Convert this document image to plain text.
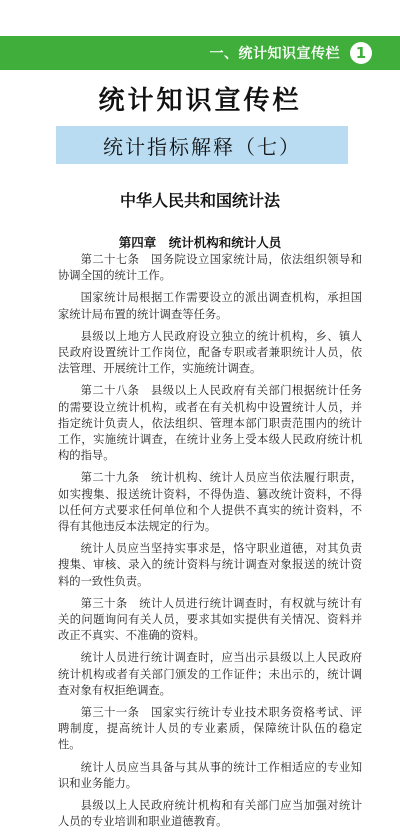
一、统计知识宣传栏	1
统计知识宣传栏
统计指标解释（七）
中华人民共和国统计法
第四章　统计机构和统计人员

第二十七条　国务院设立国家统计局，依法组织领导和协调全国的统计工作。

国家统计局根据工作需要设立的派出调查机构，承担国家统计局布置的统计调查等任务。

县级以上地方人民政府设立独立的统计机构，乡、镇人民政府设置统计工作岗位，配备专职或者兼职统计人员，依法管理、开展统计工作，实施统计调查。

第二十八条　县级以上人民政府有关部门根据统计任务的需要设立统计机构，或者在有关机构中设置统计人员，并指定统计负责人，依法组织、管理本部门职责范围内的统计工作，实施统计调查，在统计业务上受本级人民政府统计机构的指导。

第二十九条　统计机构、统计人员应当依法履行职责，如实搜集、报送统计资料，不得伪造、篡改统计资料，不得以任何方式要求任何单位和个人提供不真实的统计资料，不得有其他违反本法规定的行为。

统计人员应当坚持实事求是，恪守职业道德，对其负责搜集、审核、录入的统计资料与统计调查对象报送的统计资料的一致性负责。

第三十条　统计人员进行统计调查时，有权就与统计有关的问题询问有关人员，要求其如实提供有关情况、资料并改正不真实、不准确的资料。

统计人员进行统计调查时，应当出示县级以上人民政府统计机构或者有关部门颁发的工作证件；未出示的，统计调查对象有权拒绝调查。

第三十一条　国家实行统计专业技术职务资格考试、评聘制度，提高统计人员的专业素质，保障统计队伍的稳定性。

统计人员应当具备与其从事的统计工作相适应的专业知识和业务能力。

县级以上人民政府统计机构和有关部门应当加强对统计人员的专业培训和职业道德教育。
